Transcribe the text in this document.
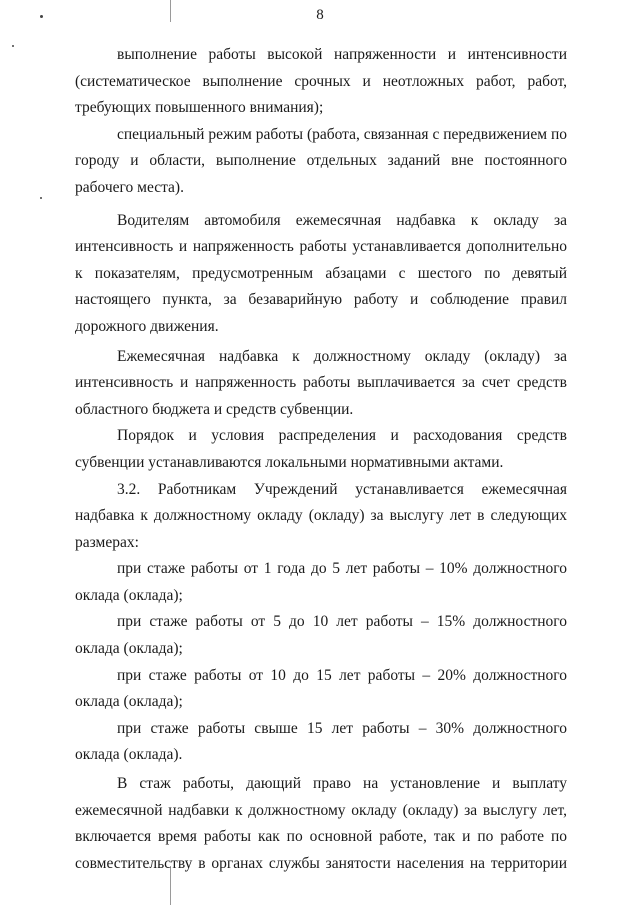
8

выполнение работы высокой напряженности и интенсивности (систематическое выполнение срочных и неотложных работ, работ, требующих повышенного внимания);

специальный режим работы (работа, связанная с передвижением по городу и области, выполнение отдельных заданий вне постоянного рабочего места).

Водителям автомобиля ежемесячная надбавка к окладу за интенсивность и напряженность работы устанавливается дополнительно к показателям, предусмотренным абзацами с шестого по девятый настоящего пункта, за безаварийную работу и соблюдение правил дорожного движения.

Ежемесячная надбавка к должностному окладу (окладу) за интенсивность и напряженность работы выплачивается за счет средств областного бюджета и средств субвенции.

Порядок и условия распределения и расходования средств субвенции устанавливаются локальными нормативными актами.

3.2. Работникам Учреждений устанавливается ежемесячная надбавка к должностному окладу (окладу) за выслугу лет в следующих размерах:

при стаже работы от 1 года до 5 лет работы – 10% должностного оклада (оклада);

при стаже работы от 5 до 10 лет работы – 15% должностного оклада (оклада);

при стаже работы от 10 до 15 лет работы – 20% должностного оклада (оклада);

при стаже работы свыше 15 лет работы – 30% должностного оклада (оклада).

В стаж работы, дающий право на установление и выплату ежемесячной надбавки к должностному окладу (окладу) за выслугу лет, включается время работы как по основной работе, так и по работе по совместительству в органах службы занятости населения на территории
